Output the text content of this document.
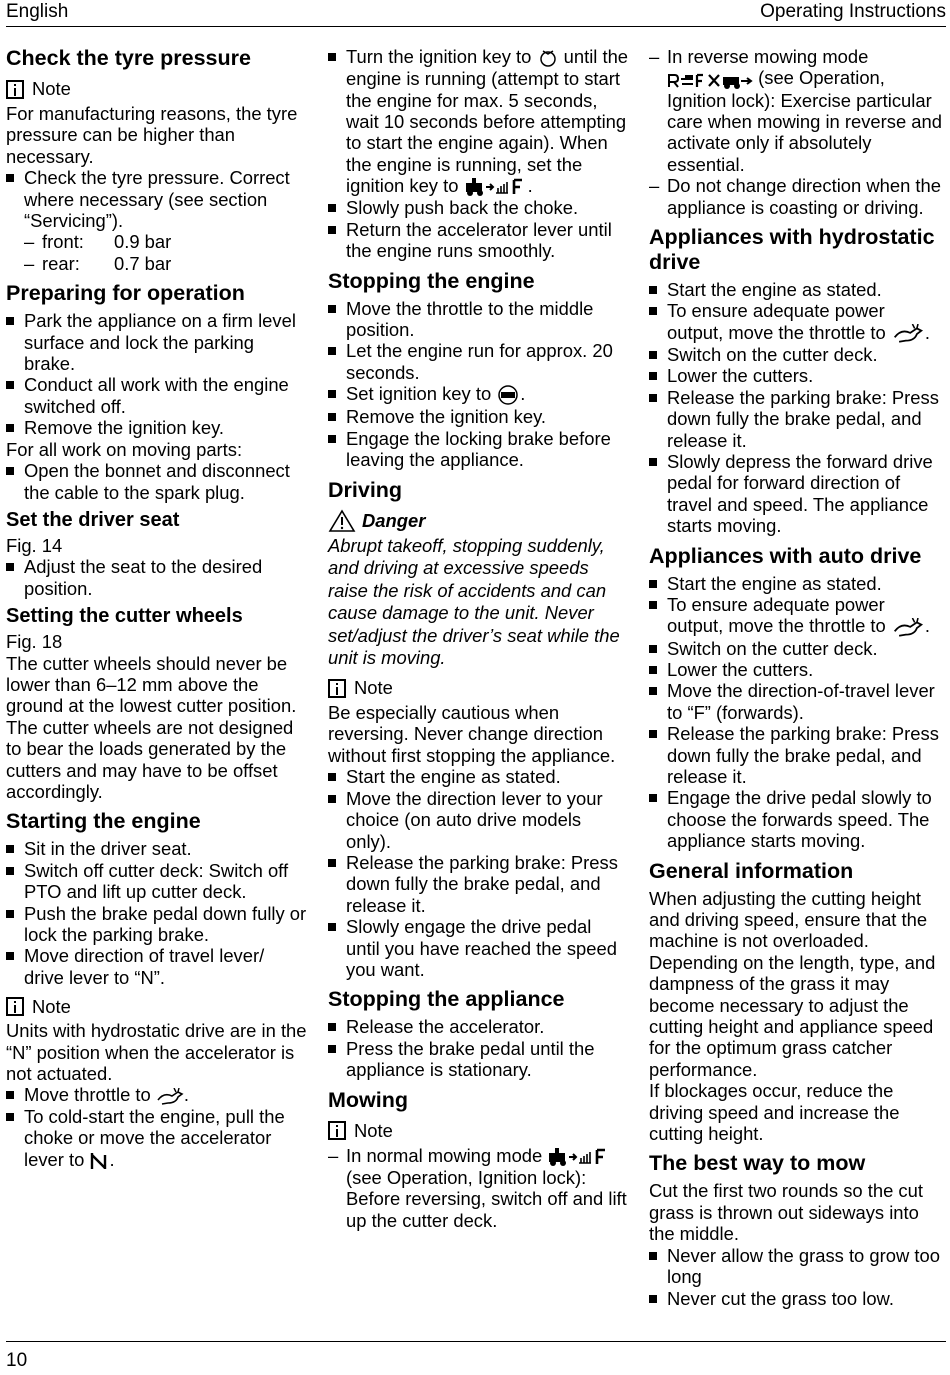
English	Operating Instructions
Check the tyre pressure
Note

For manufacturing reasons, the tyre pressure can be higher than necessary.

Check the tyre pressure. Correct where necessary (see section “Servicing”).
– front:	0.9 bar
– rear:	0.7 bar
Preparing for operation
Park the appliance on a firm level surface and lock the parking brake.
Conduct all work with the engine switched off.
Remove the ignition key.

For all work on moving parts:

Open the bonnet and disconnect the cable to the spark plug.
Set the driver seat

Fig. 14

Adjust the seat to the desired position.
Setting the cutter wheels

Fig. 18

The cutter wheels should never be lower than 6–12 mm above the ground at the lowest cutter position. The cutter wheels are not designed to bear the loads generated by the cutters and may have to be offset accordingly.

Starting the engine
Sit in the driver seat.
Switch off cutter deck: Switch off PTO and lift up cutter deck.
Push the brake pedal down fully or lock the parking brake.
Move direction of travel lever/ drive lever to “N”.
Note

Units with hydrostatic drive are in the “N” position when the accelerator is not actuated.

Move throttle to .
To cold-start the engine, pull the choke or move the accelerator lever to .
Turn the ignition key to until the engine is running (attempt to start the engine for max. 5 seconds, wait 10 seconds before attempting to start the engine again). When the engine is running, set the ignition key to	.
Slowly push back the choke.
Return the accelerator lever until the engine runs smoothly.
Stopping the engine
Move the throttle to the middle position.
Let the engine run for approx. 20 seconds.
Set ignition key to .
Remove the ignition key.
Engage the locking brake before leaving the appliance.
Driving
Danger

Abrupt takeoff, stopping suddenly, and driving at excessive speeds raise the risk of accidents and can cause damage to the unit. Never set/adjust the driver’s seat while the unit is moving.

Note

Be especially cautious when reversing. Never change direction without first stopping the appliance.

Start the engine as stated.
Move the direction lever to your choice (on auto drive models only).
Release the parking brake: Press down fully the brake pedal, and release it.
Slowly engage the drive pedal until you have reached the speed you want.
Stopping the appliance
Release the accelerator.
Press the brake pedal until the appliance is stationary.
Mowing
Note
– In normal mowing mode  (see Operation, Ignition lock): Before reversing, switch off and lift up the cutter deck.
– In reverse mowing mode  (see Operation, Ignition lock): Exercise particular care when mowing in reverse and activate only if absolutely essential.
– Do not change direction when the appliance is coasting or driving.
Appliances with hydrostatic drive
Start the engine as stated.
To ensure adequate power output, move the throttle to .
Switch on the cutter deck.
Lower the cutters.
Release the parking brake: Press down fully the brake pedal, and release it.
Slowly depress the forward drive pedal for forward direction of travel and speed. The appliance starts moving.
Appliances with auto drive
Start the engine as stated.
To ensure adequate power output, move the throttle to .
Switch on the cutter deck.
Lower the cutters.
Move the direction-of-travel lever to “F” (forwards).
Release the parking brake: Press down fully the brake pedal, and release it.
Engage the drive pedal slowly to choose the forwards speed. The appliance starts moving.
General information

When adjusting the cutting height and driving speed, ensure that the machine is not overloaded. Depending on the length, type, and dampness of the grass it may become necessary to adjust the cutting height and appliance speed for the optimum grass catcher performance.

If blockages occur, reduce the driving speed and increase the cutting height.

The best way to mow

Cut the first two rounds so the cut grass is thrown out sideways into the middle.

Never allow the grass to grow too long
Never cut the grass too low.
10
